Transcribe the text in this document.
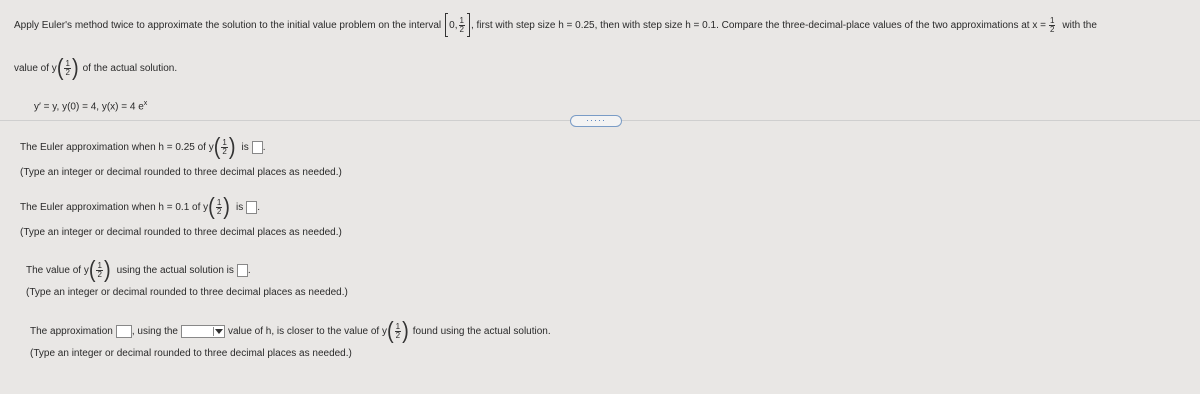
Apply Euler's method twice to approximate the solution to the initial value problem on the interval 0, $\frac{1}{2}$ , first with step size h = 0.25, then with step size h = 0.1. Compare the three-decimal-place values of the two approximations at $x = \frac{1}{2}$ with the
value of y ( $\frac{1}{2}$ ) of the actual solution.
y′ = y, y(0) = 4, y(x) = 4 $e^x$
·····
The Euler approximation when h = 0.25 of y ( $\frac{1}{2}$ ) is .
(Type an integer or decimal rounded to three decimal places as needed.)
The Euler approximation when h = 0.1 of y ( $\frac{1}{2}$ ) is .
(Type an integer or decimal rounded to three decimal places as needed.)
The value of y ( $\frac{1}{2}$ ) using the actual solution is .
(Type an integer or decimal rounded to three decimal places as needed.)
The approximation , using the	value of h, is closer to the value of y ( $\frac{1}{2}$ ) found using the actual solution.
(Type an integer or decimal rounded to three decimal places as needed.)
